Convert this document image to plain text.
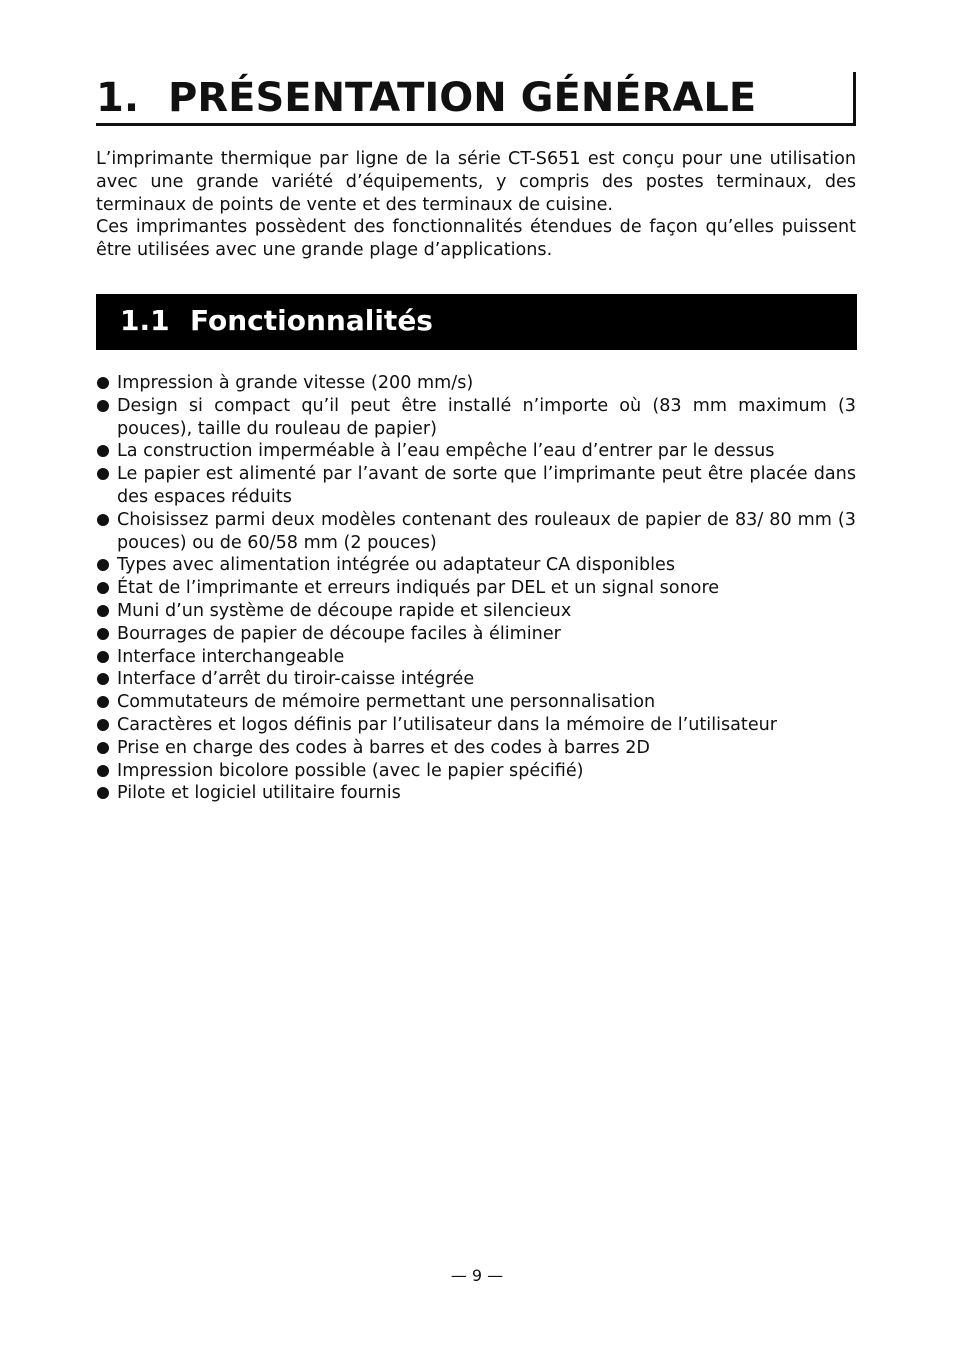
1. PRÉSENTATION GÉNÉRALE

L’imprimante thermique par ligne de la série CT-S651 est conçu pour une utilisation avec une grande variété d’équipements, y compris des postes terminaux, des terminaux de points de vente et des terminaux de cuisine.

Ces imprimantes possèdent des fonctionnalités étendues de façon qu’elles puissent être utilisées avec une grande plage d’applications.

1.1 Fonctionnalités
Impression à grande vitesse (200 mm/s)
Design si compact qu’il peut être installé n’importe où (83 mm maximum (3 pouces), taille du rouleau de papier)
La construction imperméable à l’eau empêche l’eau d’entrer par le dessus
Le papier est alimenté par l’avant de sorte que l’imprimante peut être placée dans des espaces réduits
Choisissez parmi deux modèles contenant des rouleaux de papier de 83/ 80 mm (3 pouces) ou de 60/58 mm (2 pouces)
Types avec alimentation intégrée ou adaptateur CA disponibles
État de l’imprimante et erreurs indiqués par DEL et un signal sonore
Muni d’un système de découpe rapide et silencieux
Bourrages de papier de découpe faciles à éliminer
Interface interchangeable
Interface d’arrêt du tiroir-caisse intégrée
Commutateurs de mémoire permettant une personnalisation
Caractères et logos définis par l’utilisateur dans la mémoire de l’utilisateur
Prise en charge des codes à barres et des codes à barres 2D
Impression bicolore possible (avec le papier spécifié)
Pilote et logiciel utilitaire fournis
— 9 —
